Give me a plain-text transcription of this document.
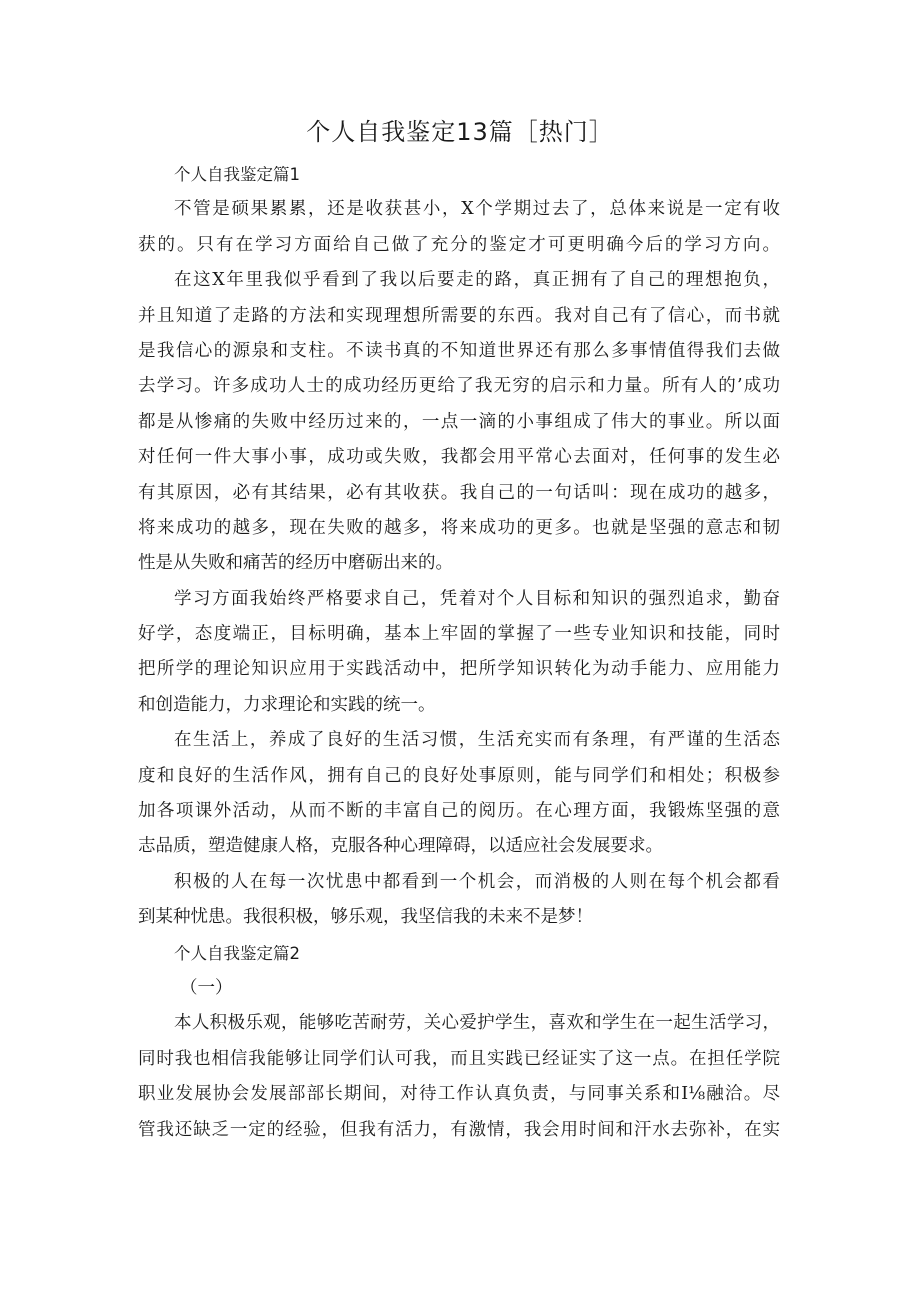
个人自我鉴定13篇［热门］
个人自我鉴定篇1
不管是硕果累累，还是收获甚小，X个学期过去了，总体来说是一定有收
获的。只有在学习方面给自己做了充分的鉴定才可更明确今后的学习方向。
在这X年里我似乎看到了我以后要走的路，真正拥有了自己的理想抱负，
并且知道了走路的方法和实现理想所需要的东西。我对自己有了信心，而书就
是我信心的源泉和支柱。不读书真的不知道世界还有那么多事情值得我们去做
去学习。许多成功人士的成功经历更给了我无穷的启示和力量。所有人的’成功
都是从惨痛的失败中经历过来的，一点一滴的小事组成了伟大的事业。所以面
对任何一件大事小事，成功或失败，我都会用平常心去面对，任何事的发生必
有其原因，必有其结果，必有其收获。我自己的一句话叫：现在成功的越多，
将来成功的越多，现在失败的越多，将来成功的更多。也就是坚强的意志和韧
性是从失败和痛苦的经历中磨砺出来的。
学习方面我始终严格要求自己，凭着对个人目标和知识的强烈追求，勤奋
好学，态度端正，目标明确，基本上牢固的掌握了一些专业知识和技能，同时
把所学的理论知识应用于实践活动中，把所学知识转化为动手能力、应用能力
和创造能力，力求理论和实践的统一。
在生活上，养成了良好的生活习惯，生活充实而有条理，有严谨的生活态
度和良好的生活作风，拥有自己的良好处事原则，能与同学们和相处；积极参
加各项课外活动，从而不断的丰富自己的阅历。在心理方面，我锻炼坚强的意
志品质，塑造健康人格，克服各种心理障碍，以适应社会发展要求。
积极的人在每一次忧患中都看到一个机会，而消极的人则在每个机会都看
到某种忧患。我很积极，够乐观，我坚信我的未来不是梦！
个人自我鉴定篇2
（一）
本人积极乐观，能够吃苦耐劳，关心爱护学生，喜欢和学生在一起生活学习，
同时我也相信我能够让同学们认可我，而且实践已经证实了这一点。在担任学院
职业发展协会发展部部长期间，对待工作认真负责，与同事关系和I⅛融洽。尽
管我还缺乏一定的经验，但我有活力，有激情，我会用时间和汗水去弥补，在实
